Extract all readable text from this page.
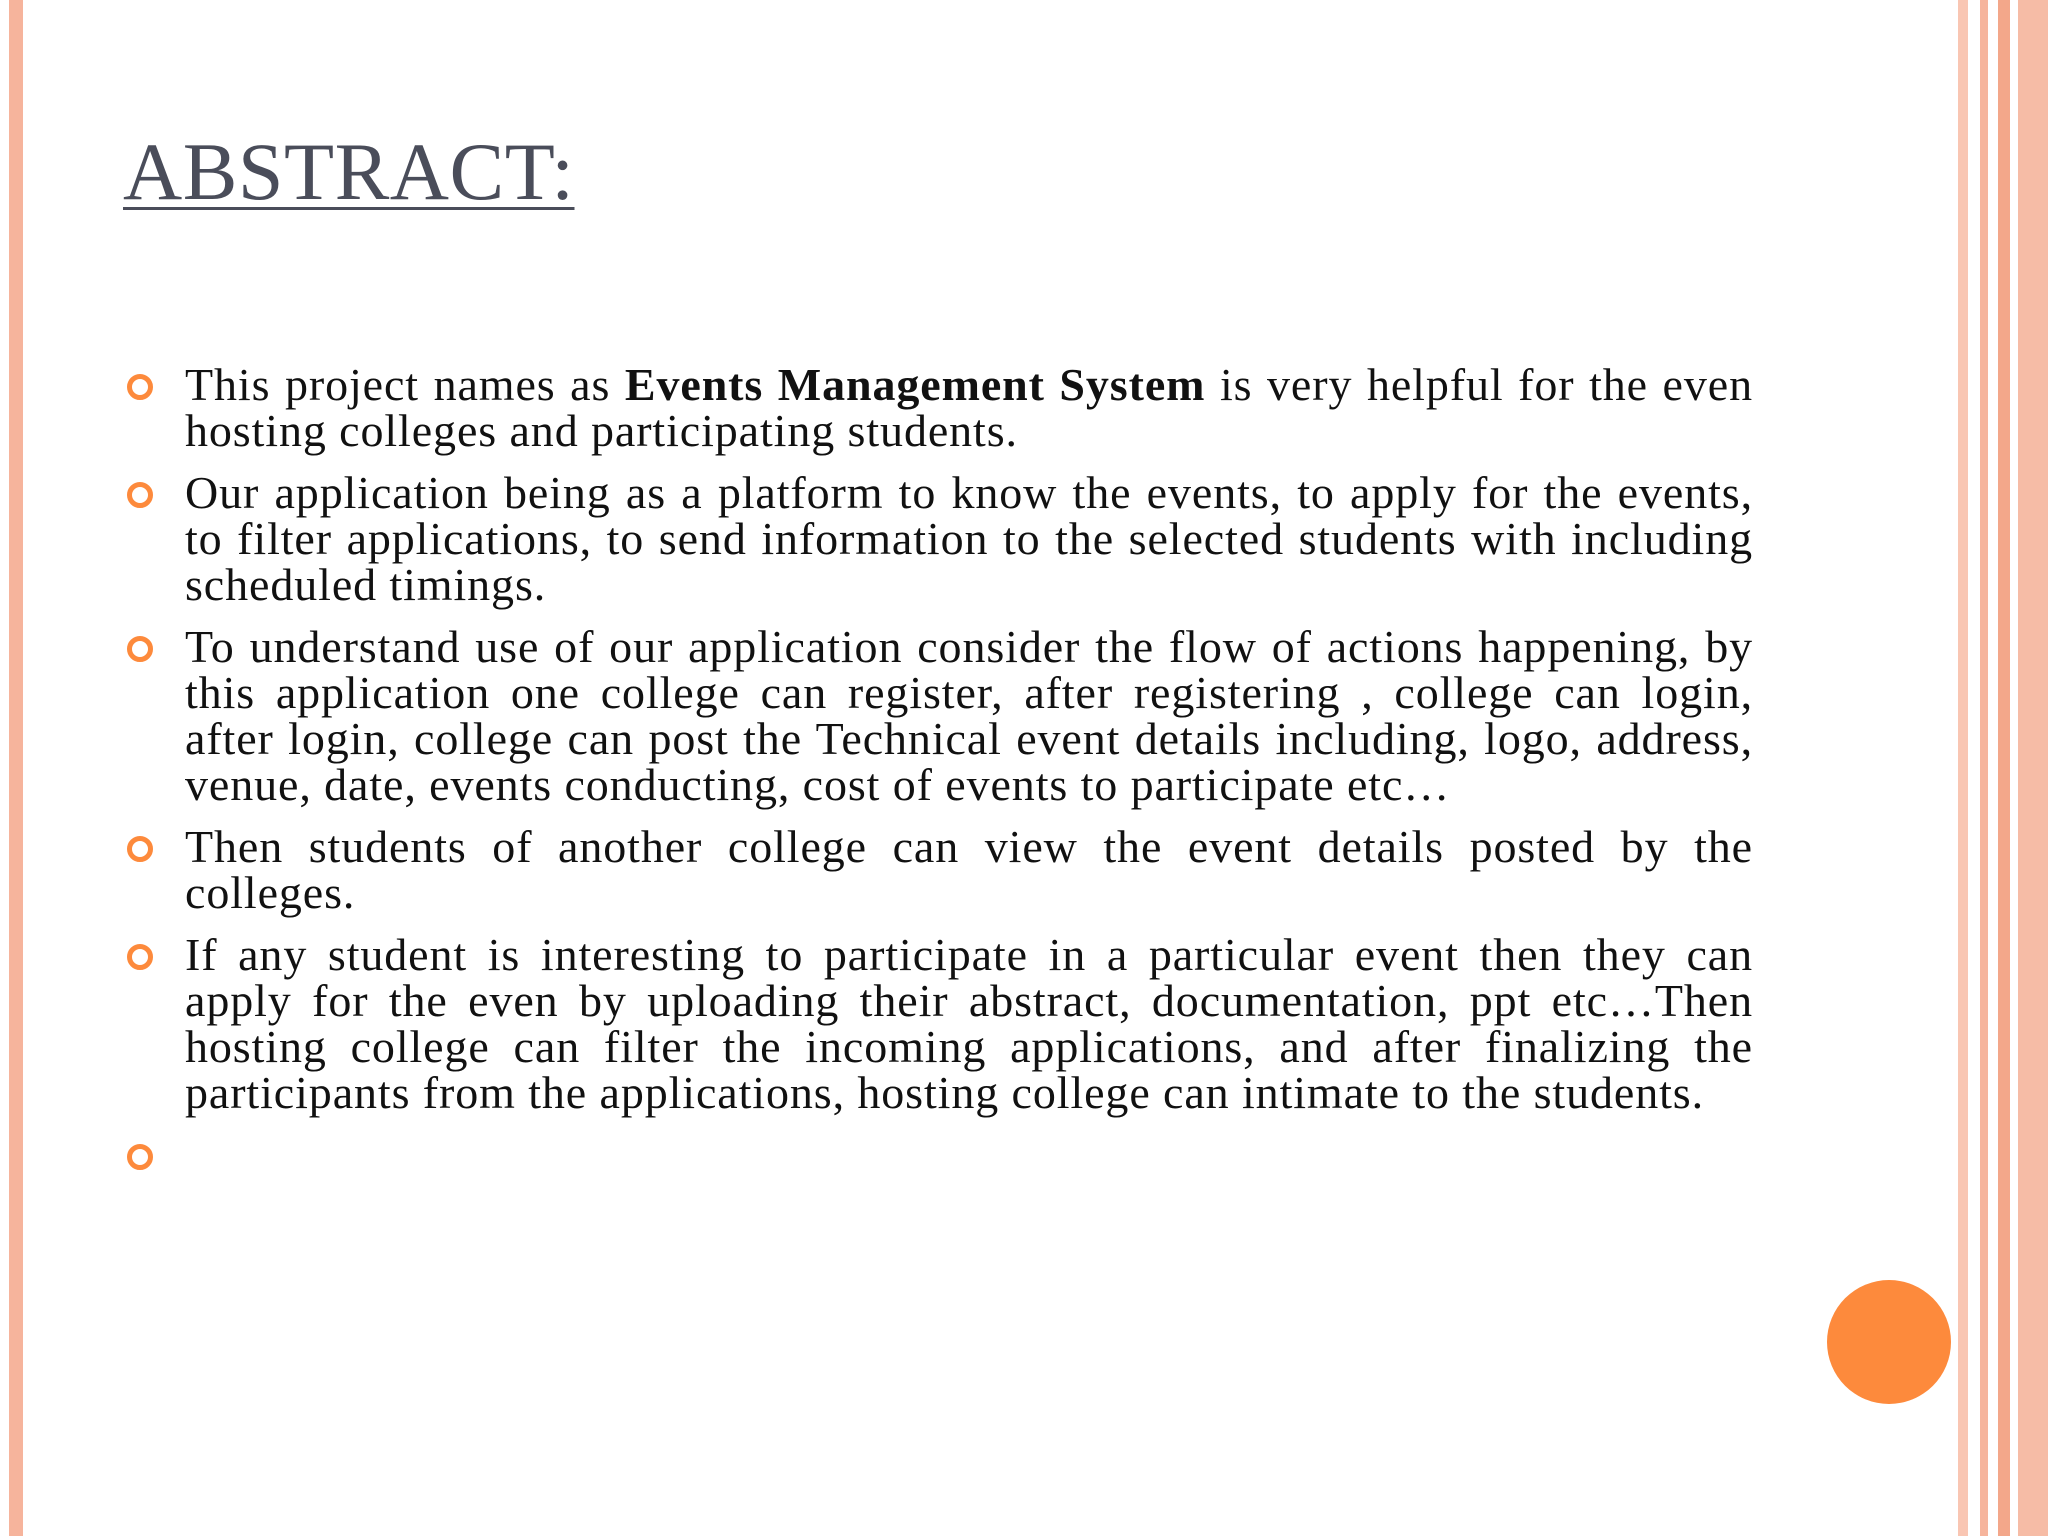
ABSTRACT:
This project names as Events Management System is very helpful for the even hosting colleges and participating students.
Our application being as a platform to know the events, to apply for the events, to filter applications, to send information to the selected students with including scheduled timings.
To understand use of our application consider the flow of actions happening, by this application one college can register, after registering , college can login, after login, college can post the Technical event details including, logo, address, venue, date, events conducting, cost of events to participate etc…
Then students of another college can view the event details posted by the colleges.
If any student is interesting to participate in a particular event then they can apply for the even by uploading their abstract, documentation, ppt etc…Then hosting college can filter the incoming applications, and after finalizing the participants from the applications, hosting college can intimate to the students.
